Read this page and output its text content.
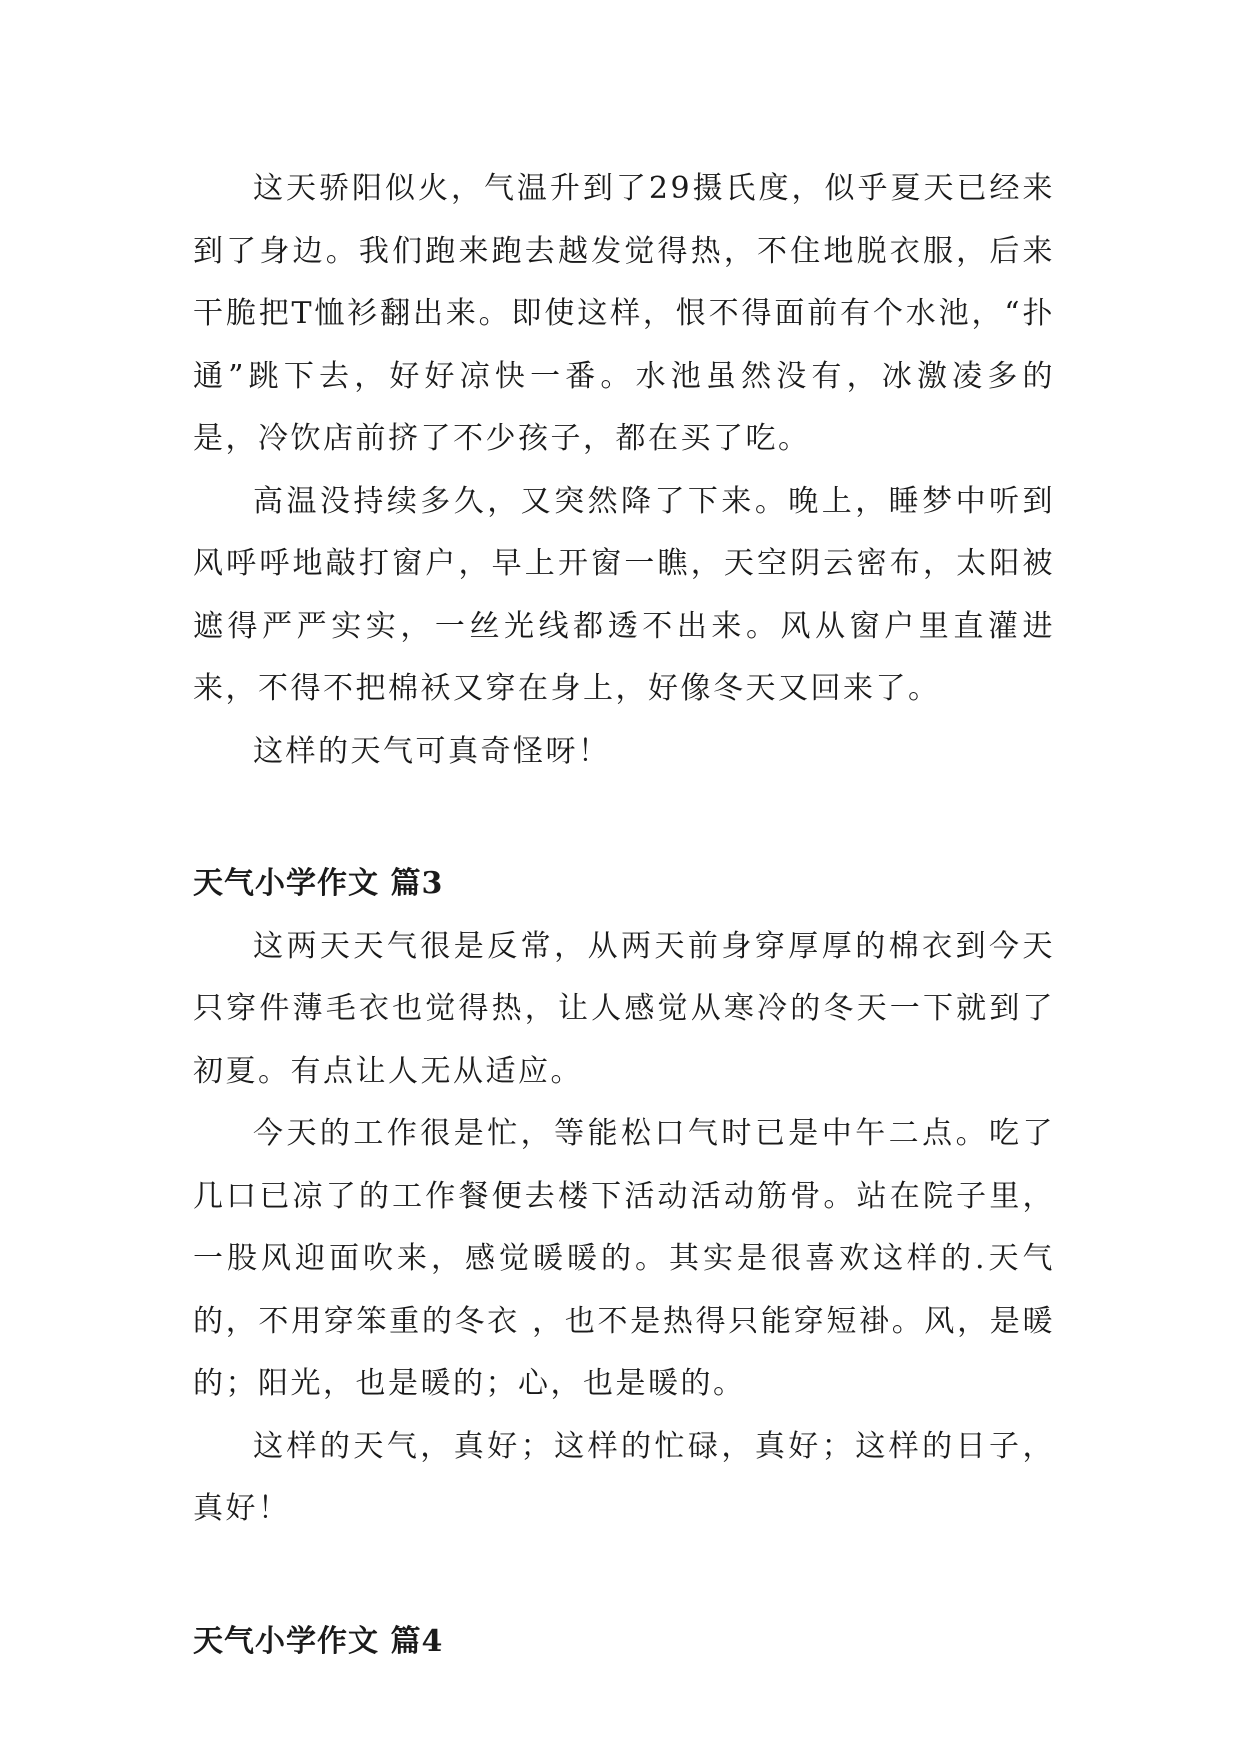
这天骄阳似火，气温升到了29摄氏度，似乎夏天已经来到了身边。我们跑来跑去越发觉得热，不住地脱衣服，后来干脆把T恤衫翻出来。即使这样，恨不得面前有个水池，“扑通”跳下去，好好凉快一番。水池虽然没有，冰激凌多的是，冷饮店前挤了不少孩子，都在买了吃。

高温没持续多久，又突然降了下来。晚上，睡梦中听到风呼呼地敲打窗户，早上开窗一瞧，天空阴云密布，太阳被遮得严严实实，一丝光线都透不出来。风从窗户里直灌进来，不得不把棉袄又穿在身上，好像冬天又回来了。

这样的天气可真奇怪呀！

天气小学作文 篇3

这两天天气很是反常，从两天前身穿厚厚的棉衣到今天只穿件薄毛衣也觉得热，让人感觉从寒冷的冬天一下就到了初夏。有点让人无从适应。

今天的工作很是忙，等能松口气时已是中午二点。吃了几口已凉了的工作餐便去楼下活动活动筋骨。站在院子里，一股风迎面吹来，感觉暖暖的。其实是很喜欢这样的.天气的，不用穿笨重的冬衣 ，也不是热得只能穿短褂。风，是暖的；阳光，也是暖的；心，也是暖的。

这样的天气，真好；这样的忙碌，真好；这样的日子，真好！

天气小学作文 篇4
